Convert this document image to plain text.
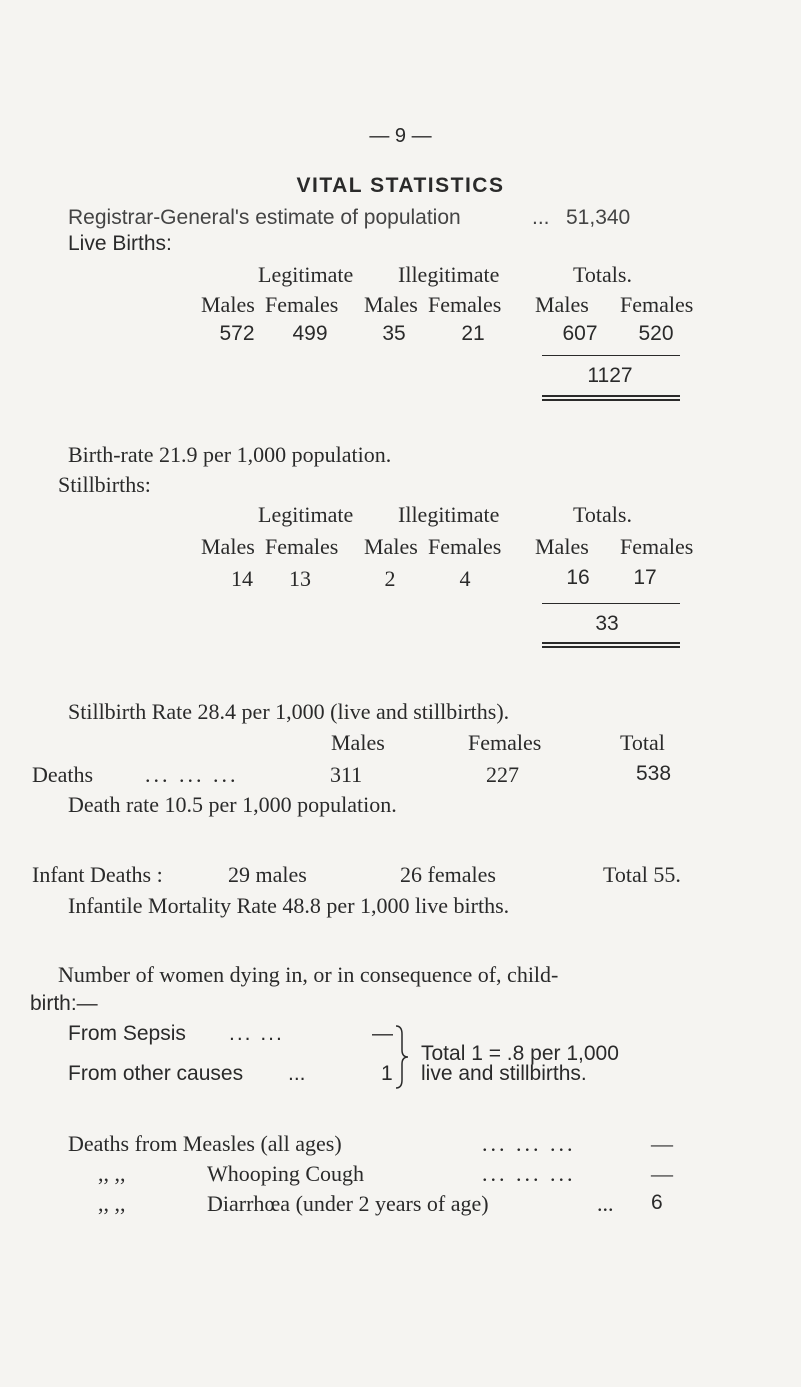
— 9 —
VITAL STATISTICS
Registrar-General's estimate of population	... 51,340
Live Births:
Legitimate Illegitimate	Totals.
Males Females Males Females Males Females
572	499	35	21	607	520
1127
Birth-rate 21.9 per 1,000 population.
Stillbirths:
Legitimate Illegitimate	Totals.
Males Females Males Females Males Females
14	13	2	4	16	17
33
Stillbirth Rate 28.4 per 1,000 (live and stillbirths).
Males	Females	Total
Deaths ... ... ...	311	227	538
Death rate 10.5 per 1,000 population.
Infant Deaths :	29 males	26 females	Total 55.
Infantile Mortality Rate 48.8 per 1,000 live births.
Number of women dying in, or in consequence of, child-
birth:—
From Sepsis ... ...	—
From other causes ...	1
Total 1 = .8 per 1,000
live and stillbirths.
Deaths from Measles (all ages)	... ... ...	—
,, ,,	Whooping Cough	... ... ...	—
,, ,,	Diarrhœa (under 2 years of age)	... 6
